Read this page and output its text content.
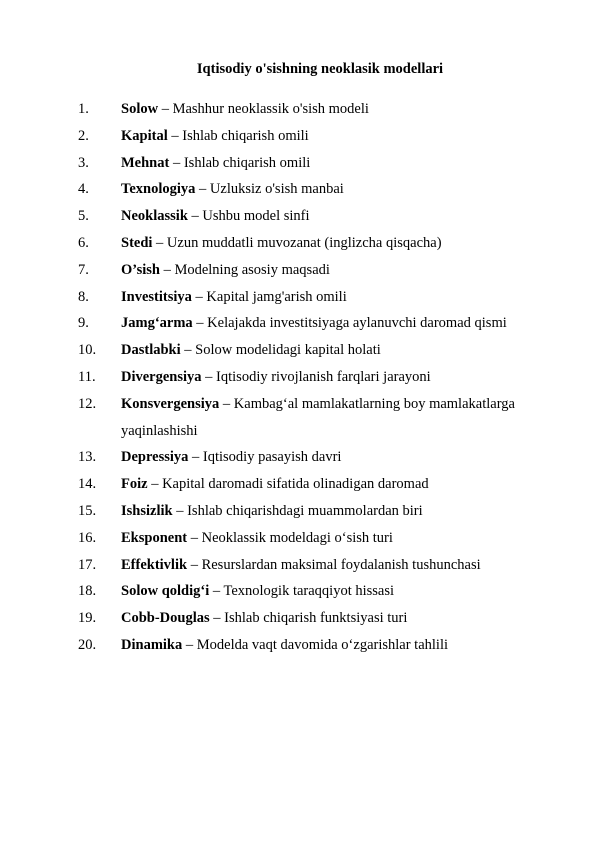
Iqtisodiy o'sishning neoklasik modellari
1.	Solow – Mashhur neoklassik o'sish modeli
2.	Kapital – Ishlab chiqarish omili
3.	Mehnat – Ishlab chiqarish omili
4.	Texnologiya – Uzluksiz o'sish manbai
5.	Neoklassik – Ushbu model sinfi
6.	Stedi – Uzun muddatli muvozanat (inglizcha qisqacha)
7.	O’sish – Modelning asosiy maqsadi
8.	Investitsiya – Kapital jamg'arish omili
9.	Jamg‘arma – Kelajakda investitsiyaga aylanuvchi daromad qismi
10.	Dastlabki – Solow modelidagi kapital holati
11.	Divergensiya – Iqtisodiy rivojlanish farqlari jarayoni
12.	Konsvergensiya – Kambag‘al mamlakatlarning boy mamlakatlarga yaqinlashishi
13.	Depressiya – Iqtisodiy pasayish davri
14.	Foiz – Kapital daromadi sifatida olinadigan daromad
15.	Ishsizlik – Ishlab chiqarishdagi muammolardan biri
16.	Eksponent – Neoklassik modeldagi o‘sish turi
17.	Effektivlik – Resurslardan maksimal foydalanish tushunchasi
18.	Solow qoldig‘i – Texnologik taraqqiyot hissasi
19.	Cobb-Douglas – Ishlab chiqarish funktsiyasi turi
20.	Dinamika – Modelda vaqt davomida o‘zgarishlar tahlili
